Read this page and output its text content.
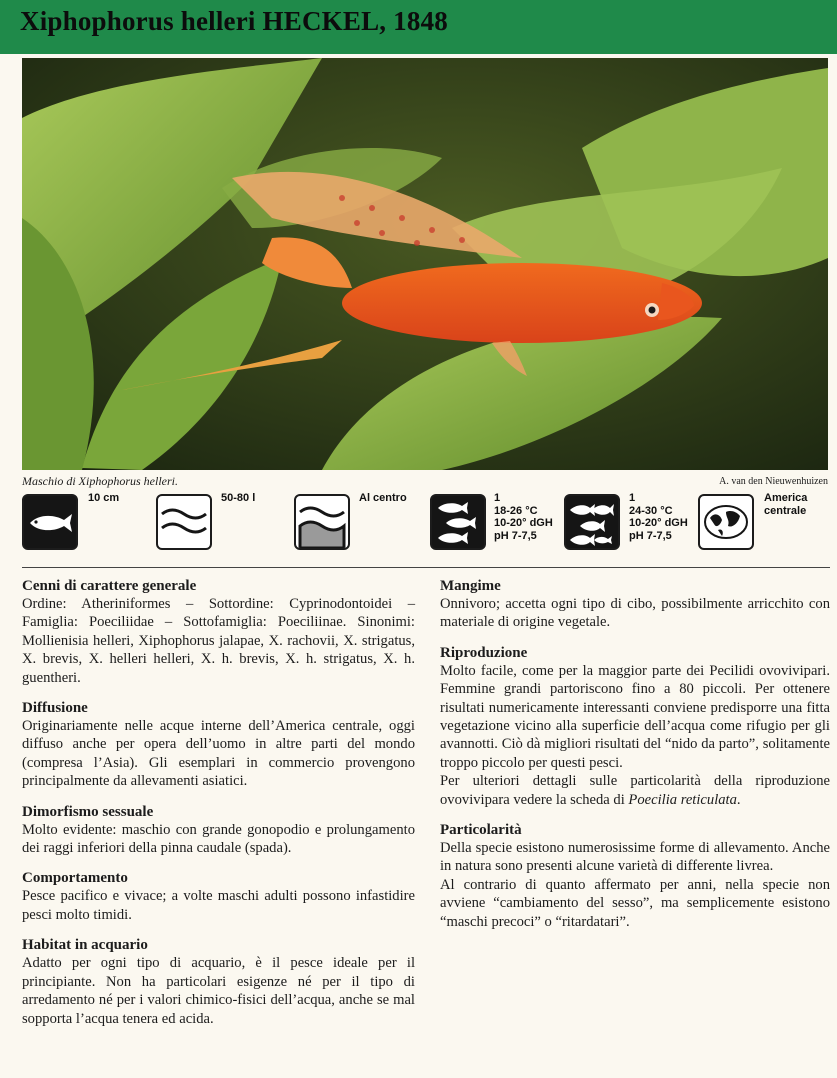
Xiphophorus helleri HECKEL, 1848
Maschio di Xiphophorus helleri.	A. van den Nieuwenhuizen
10 cm	50-80 l	Al centro	1
18-26 °C
10-20° dGH
pH 7-7,5
1
24-30 °C
10-20° dGH
pH 7-7,5
America
centrale
Cenni di carattere generale

Ordine: Atheriniformes – Sottordine: Cyprinodontoidei – Famiglia: Poeciliidae – Sottofamiglia: Poeciliinae. Sinonimi: Mollienisia helleri, Xiphophorus jalapae, X. rachovii, X. strigatus, X. brevis, X. helleri helleri, X. h. brevis, X. h. strigatus, X. h. guentheri.

Diffusione

Originariamente nelle acque interne dell’America centrale, oggi diffuso anche per opera dell’uomo in altre parti del mondo (compresa l’Asia). Gli esemplari in commercio provengono principalmente da allevamenti asiatici.

Dimorfismo sessuale

Molto evidente: maschio con grande gonopodio e prolungamento dei raggi inferiori della pinna caudale (spada).

Comportamento

Pesce pacifico e vivace; a volte maschi adulti possono infastidire pesci molto timidi.

Habitat in acquario

Adatto per ogni tipo di acquario, è il pesce ideale per il principiante. Non ha particolari esigenze né per il tipo di arredamento né per i valori chimico-fisici dell’acqua, anche se mal sopporta l’acqua tenera ed acida.

Mangime

Onnivoro; accetta ogni tipo di cibo, possibilmente arricchito con materiale di origine vegetale.

Riproduzione

Molto facile, come per la maggior parte dei Pecilidi ovovivipari. Femmine grandi partoriscono fino a 80 piccoli. Per ottenere risultati numericamente interessanti conviene predisporre una fitta vegetazione vicino alla superficie dell’acqua come rifugio per gli avannotti. Ciò dà migliori risultati del “nido da parto”, solitamente troppo piccolo per questi pesci.

Per ulteriori dettagli sulle particolarità della riproduzione ovovivipara vedere la scheda di Poecilia reticulata.

Particolarità

Della specie esistono numerosissime forme di allevamento. Anche in natura sono presenti alcune varietà di differente livrea.

Al contrario di quanto affermato per anni, nella specie non avviene “cambiamento del sesso”, ma semplicemente esistono “maschi precoci” o “ritardatari”.
